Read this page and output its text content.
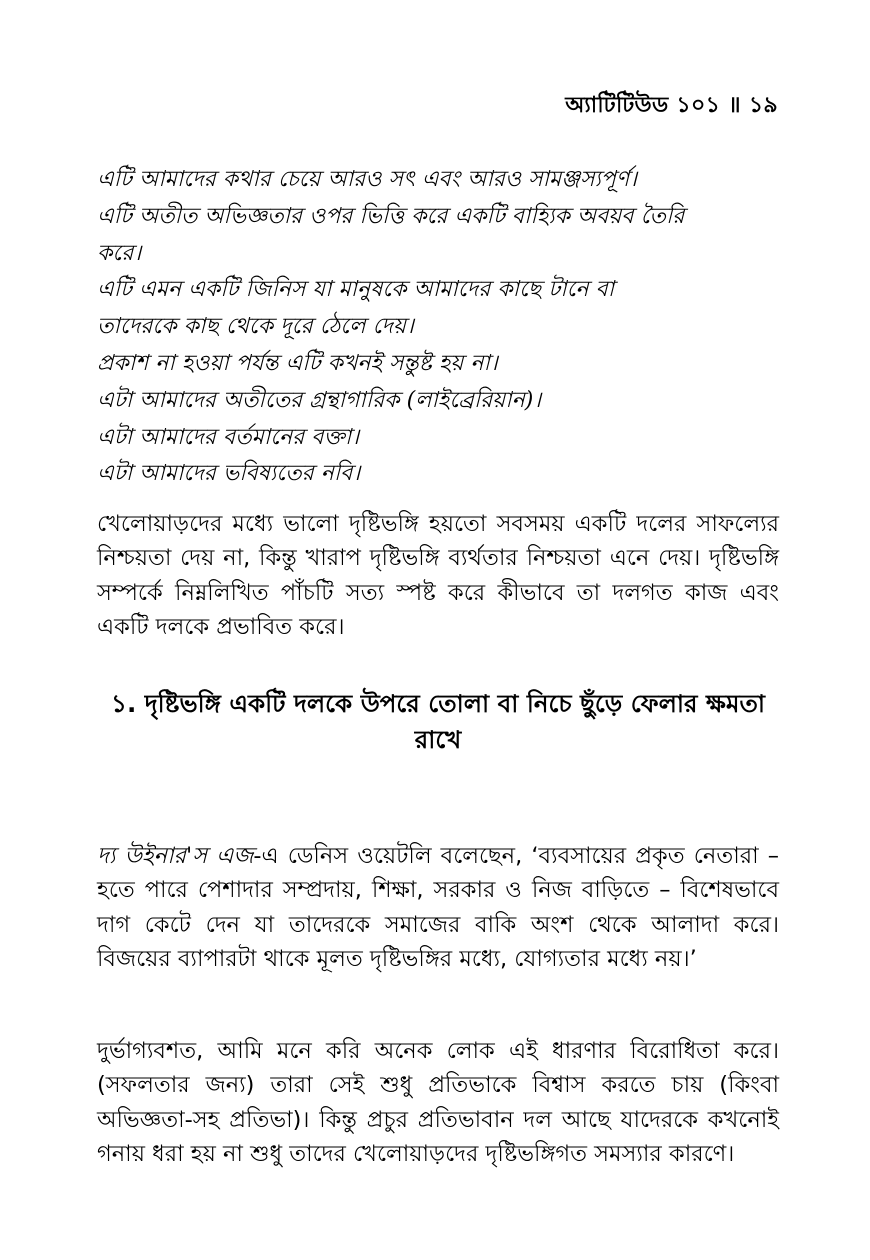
অ্যাটিটিউড ১০১ ॥ ১৯
এটি আমাদের কথার চেয়ে আরও সৎ এবং আরও সামঞ্জস্যপূর্ণ।
এটি অতীত অভিজ্ঞতার ওপর ভিত্তি করে একটি বাহ্যিক অবয়ব তৈরি
করে।
এটি এমন একটি জিনিস যা মানুষকে আমাদের কাছে টানে বা
তাদেরকে কাছ থেকে দূরে ঠেলে দেয়।
প্রকাশ না হওয়া পর্যন্ত এটি কখনই সন্তুষ্ট হয় না।
এটা আমাদের অতীতের গ্রন্থাগারিক (লাইব্রেরিয়ান)।
এটা আমাদের বর্তমানের বক্তা।
এটা আমাদের ভবিষ্যতের নবি।

খেলোয়াড়দের মধ্যে ভালো দৃষ্টিভঙ্গি হয়তো সবসময় একটি দলের সাফল্যের নিশ্চয়তা দেয় না, কিন্তু খারাপ দৃষ্টিভঙ্গি ব্যর্থতার নিশ্চয়তা এনে দেয়। দৃষ্টিভঙ্গি সম্পর্কে নিম্নলিখিত পাঁচটি সত্য স্পষ্ট করে কীভাবে তা দলগত কাজ এবং একটি দলকে প্রভাবিত করে।

১. দৃষ্টিভঙ্গি একটি দলকে উপরে তোলা বা নিচে ছুঁড়ে ফেলার ক্ষমতা রাখে

দ্য উইনার'স এজ-এ ডেনিস ওয়েটলি বলেছেন, ‘ব্যবসায়ের প্রকৃত নেতারা – হতে পারে পেশাদার সম্প্রদায়, শিক্ষা, সরকার ও নিজ বাড়িতে – বিশেষভাবে দাগ কেটে দেন যা তাদেরকে সমাজের বাকি অংশ থেকে আলাদা করে। বিজয়ের ব্যাপারটা থাকে মূলত দৃষ্টিভঙ্গির মধ্যে, যোগ্যতার মধ্যে নয়।’

দুর্ভাগ্যবশত, আমি মনে করি অনেক লোক এই ধারণার বিরোধিতা করে। (সফলতার জন্য) তারা সেই শুধু প্রতিভাকে বিশ্বাস করতে চায় (কিংবা অভিজ্ঞতা-সহ প্রতিভা)। কিন্তু প্রচুর প্রতিভাবান দল আছে যাদেরকে কখনোই গনায় ধরা হয় না শুধু তাদের খেলোয়াড়দের দৃষ্টিভঙ্গিগত সমস্যার কারণে।
